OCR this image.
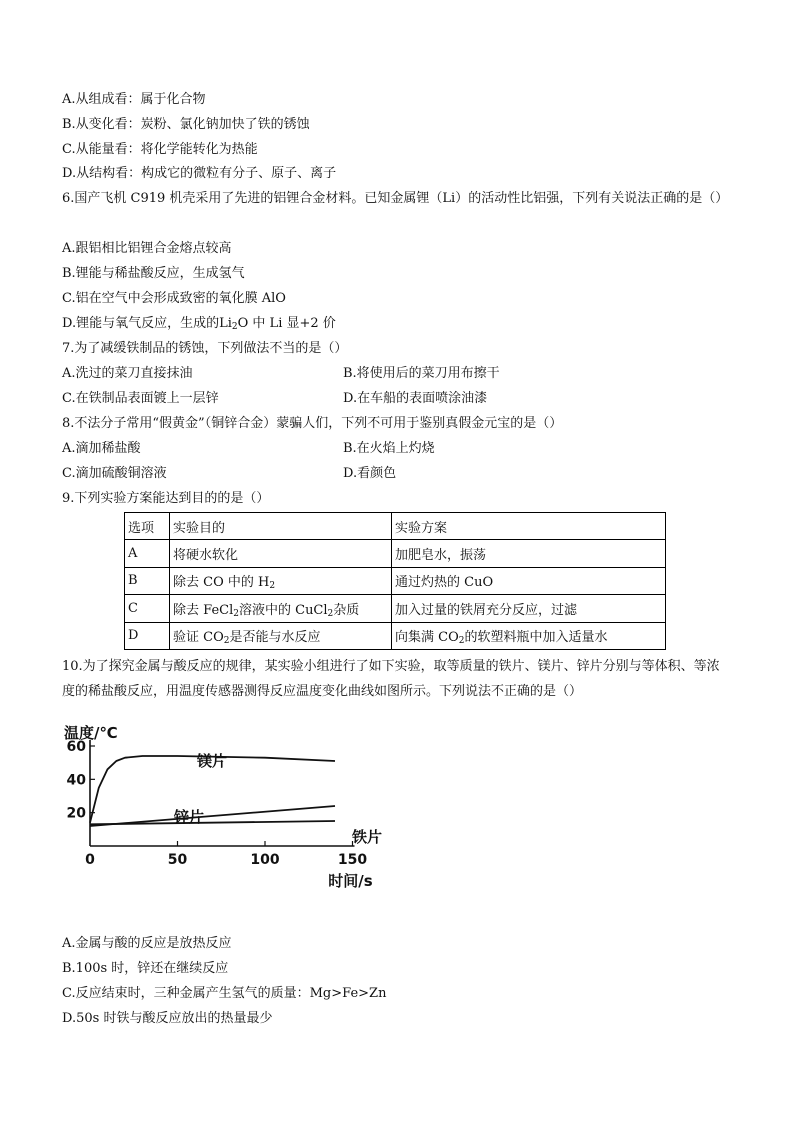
A.从组成看：属于化合物
B.从变化看：炭粉、氯化钠加快了铁的锈蚀
C.从能量看：将化学能转化为热能
D.从结构看：构成它的微粒有分子、原子、离子
6.国产飞机 C919 机壳采用了先进的铝锂合金材料。已知金属锂（Li）的活动性比铝强，下列有关说法正确的是（）
A.跟铝相比铝锂合金熔点较高
B.锂能与稀盐酸反应，生成氢气
C.铝在空气中会形成致密的氧化膜 AlO
D.锂能与氧气反应，生成的$Li_2O$ 中 Li 显+2 价
7.为了减缓铁制品的锈蚀，下列做法不当的是（）
A.洗过的菜刀直接抹油	B.将使用后的菜刀用布擦干
C.在铁制品表面镀上一层锌	D.在车船的表面喷涂油漆
8.不法分子常用“假黄金”（铜锌合金）蒙骗人们，下列不可用于鉴别真假金元宝的是（）
A.滴加稀盐酸	B.在火焰上灼烧
C.滴加硫酸铜溶液	D.看颜色
9.下列实验方案能达到目的的是（）
选项	实验目的	实验方案
A	将硬水软化	加肥皂水，振荡
B	除去 CO 中的 $H_2$	通过灼热的 CuO
C	除去 FeCl$_2$溶液中的 CuCl$_2$杂质	加入过量的铁屑充分反应，过滤
D	验证 $CO_2$是否能与水反应	向集满 $CO_2$的软塑料瓶中加入适量水
10.为了探究金属与酸反应的规律，某实验小组进行了如下实验，取等质量的铁片、镁片、锌片分别与等体积、等浓度的稀盐酸反应，用温度传感器测得反应温度变化曲线如图所示。下列说法不正确的是（）
20
40
60
0	50	100	150
温度/℃
时间/s
镁片
锌片
铁片
A.金属与酸的反应是放热反应
B.100s 时，锌还在继续反应
C.反应结束时，三种金属产生氢气的质量：Mg>Fe>Zn
D.50s 时铁与酸反应放出的热量最少
